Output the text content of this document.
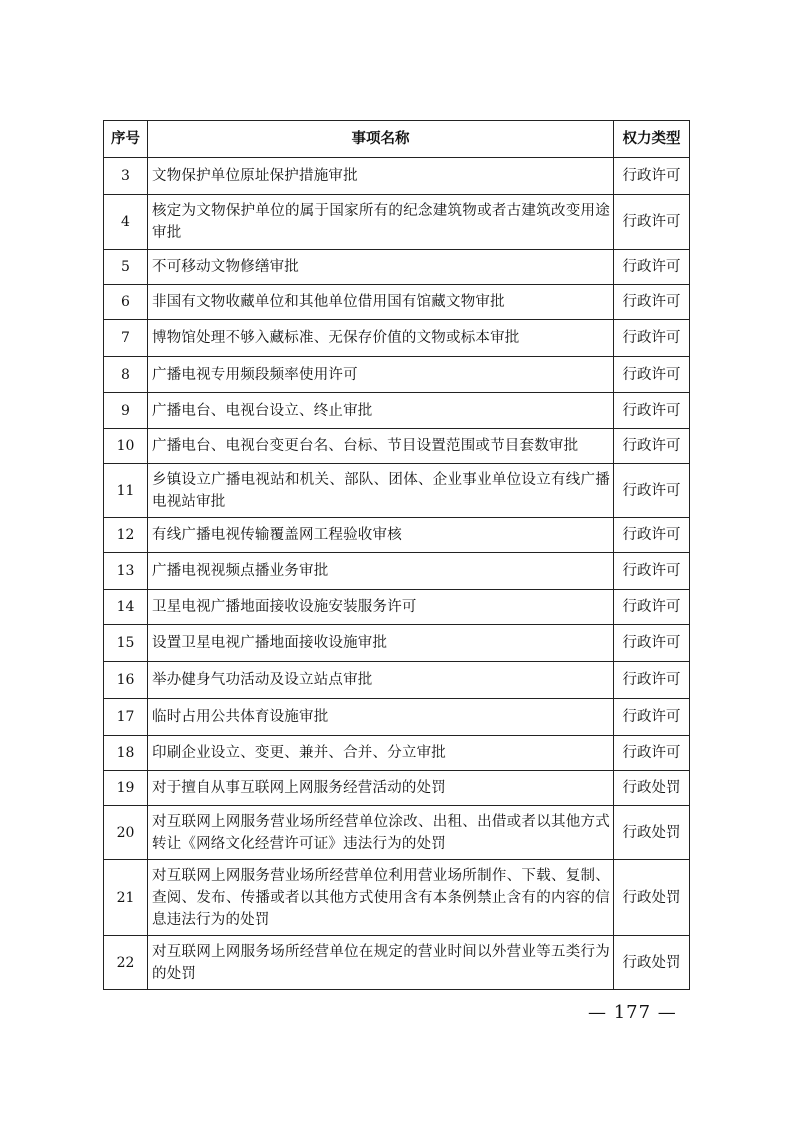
序号	事项名称	权力类型
3	文物保护单位原址保护措施审批	行政许可
4	核定为文物保护单位的属于国家所有的纪念建筑物或者古建筑改变用途审批	行政许可
5	不可移动文物修缮审批	行政许可
6	非国有文物收藏单位和其他单位借用国有馆藏文物审批	行政许可
7	博物馆处理不够入藏标准、无保存价值的文物或标本审批	行政许可
8	广播电视专用频段频率使用许可	行政许可
9	广播电台、电视台设立、终止审批	行政许可
10	广播电台、电视台变更台名、台标、节目设置范围或节目套数审批	行政许可
11	乡镇设立广播电视站和机关、部队、团体、企业事业单位设立有线广播电视站审批	行政许可
12	有线广播电视传输覆盖网工程验收审核	行政许可
13	广播电视视频点播业务审批	行政许可
14	卫星电视广播地面接收设施安装服务许可	行政许可
15	设置卫星电视广播地面接收设施审批	行政许可
16	举办健身气功活动及设立站点审批	行政许可
17	临时占用公共体育设施审批	行政许可
18	印刷企业设立、变更、兼并、合并、分立审批	行政许可
19	对于擅自从事互联网上网服务经营活动的处罚	行政处罚
20	对互联网上网服务营业场所经营单位涂改、出租、出借或者以其他方式转让《网络文化经营许可证》违法行为的处罚	行政处罚
21	对互联网上网服务营业场所经营单位利用营业场所制作、下载、复制、查阅、发布、传播或者以其他方式使用含有本条例禁止含有的内容的信息违法行为的处罚	行政处罚
22	对互联网上网服务场所经营单位在规定的营业时间以外营业等五类行为的处罚	行政处罚
— 177 —
